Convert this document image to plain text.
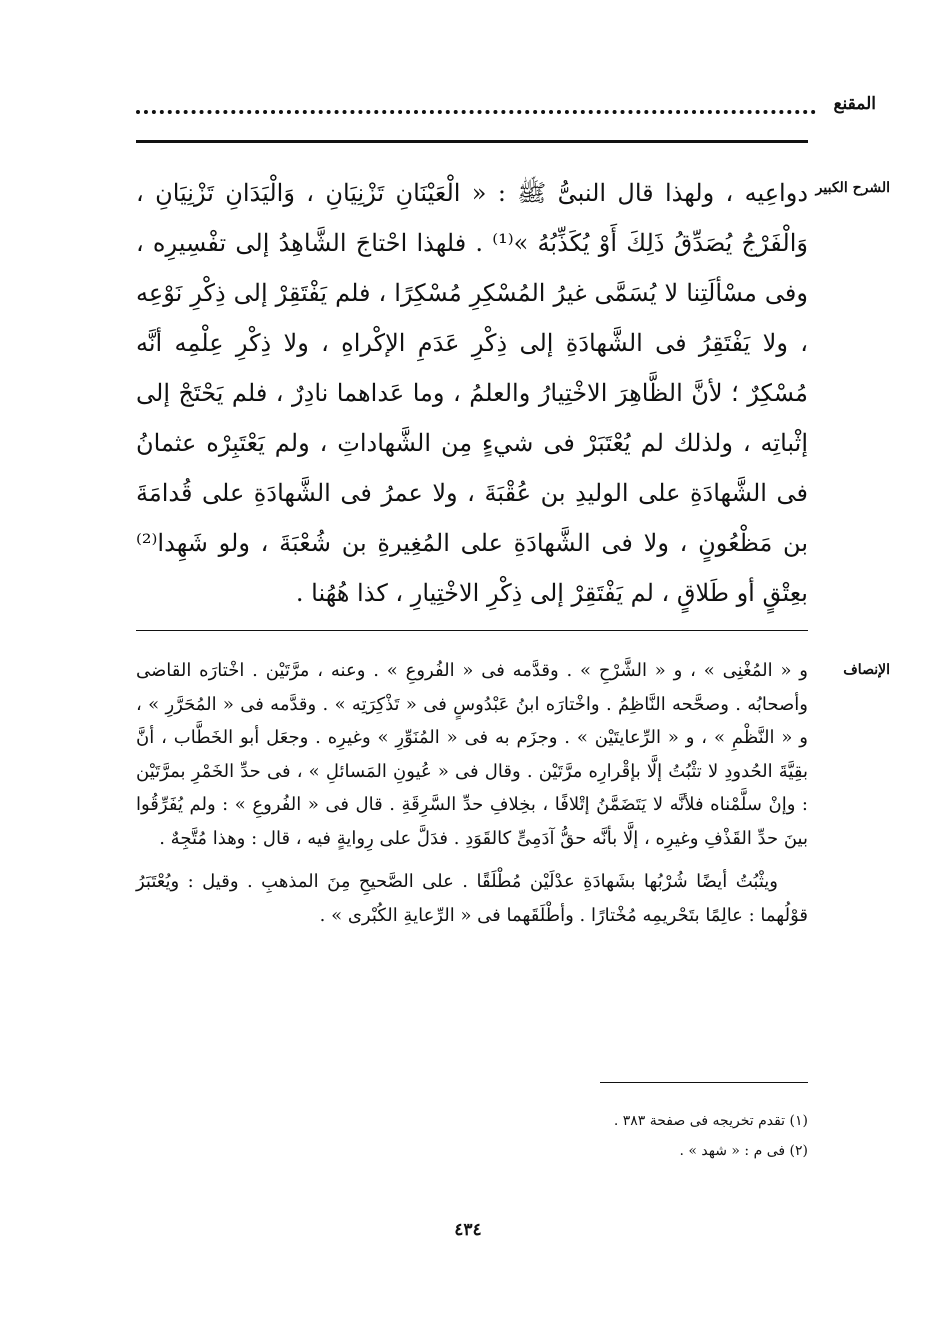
المقنع
الشرح الكبير
دواعِيه ، ولهذا قال النبىُّ ﷺ : « الْعَيْنَانِ تَزْنِيَانِ ، وَالْيَدَانِ تَزْنِيَانِ ، وَالْفَرْجُ يُصَدِّقُ ذَلِكَ أَوْ يُكَذِّبُهُ »⁽¹⁾ . فلهذا احْتاجَ الشَّاهِدُ إلى تفْسِيرِه ، وفى مسْألَتِنا لا يُسَمَّى غيرُ المُسْكِرِ مُسْكِرًا ، فلم يَفْتَقِرْ إلى ذِكْرِ نَوْعِه ، ولا يَفْتَقِرُ فى الشَّهادَةِ إلى ذِكْرِ عَدَمِ الإكْراهِ ، ولا ذِكْرِ عِلْمِه أنَّه مُسْكِرٌ ؛ لأنَّ الظَّاهِرَ الاخْتِيارُ والعلمُ ، وما عَداهما نادِرٌ ، فلم يَحْتَجْ إلى إثْباتِه ، ولذلك لم يُعْتَبَرْ فى شيءٍ مِن الشَّهاداتِ ، ولم يَعْتَبِرْه عثمانُ فى الشَّهادَةِ على الوليدِ بن عُقْبَةَ ، ولا عمرُ فى الشَّهادَةِ على قُدامَةَ بن مَظْعُونٍ ، ولا فى الشَّهادَةِ على المُغِيرةِ بن شُعْبَةَ ، ولو شَهِدا⁽²⁾ بعِتْقٍ أو طَلاقٍ ، لم يَفْتَقِرْ إلى ذِكْرِ الاخْتِيارِ ، كذا هُهُنا .
الإنصاف

و « المُغْنِى » ، و « الشَّرْحِ » . وقدَّمه فى « الفُروعِ » . وعنه ، مرَّتَيْن . اخْتارَه القاضى وأصحابُه . وصحَّحه النَّاظِمُ . واخْتارَه ابنُ عَبْدُوسٍ فى « تَذْكِرَتِه » . وقدَّمه فى « المُحَرَّرِ » ، و « النَّظْمِ » ، و « الرِّعايتَيْن » . وجزَم به فى « المُنَوِّرِ » وغيرِه . وجعَل أبو الخَطَّاب ، أنَّ بقِيَّةَ الحُدودِ لا تثْبُتُ إلَّا بإقْرارِه مرَّتَيْن . وقال فى « عُيونِ المَسائلِ » ، فى حدِّ الخَمْرِ بمرَّتَيْن : وإنْ سلَّمْناه فلأنَّه لا يَتَضَمَّنُ إتْلافًا ، بخِلافِ حدِّ السَّرِقَةِ . قال فى « الفُروعِ » : ولم يُفَرِّقُوا بينَ حدِّ القَذْفِ وغيرِه ، إلَّا بأنَّه حقُّ آدَمِىٍّ كالقَوَدِ . فدَلَّ على رِوايةٍ فيه ، قال : وهذا مُتَّجِهٌ .

ويثْبُتُ أيضًا شُرْبُها بشَهادَةِ عدْلَيْن مُطْلَقًا . على الصَّحيحِ مِنَ المذهبِ . وقيل : ويُعْتَبَرُ قوْلُهما : عالِمًا بتَحْريمِه مُخْتارًا . وأطْلَقَهما فى « الرِّعايةِ الكُبْرى » .

(١) تقدم تخريجه فى صفحة ٣٨٣ .
(٢) فى م : « شهد » .
٤٣٤
